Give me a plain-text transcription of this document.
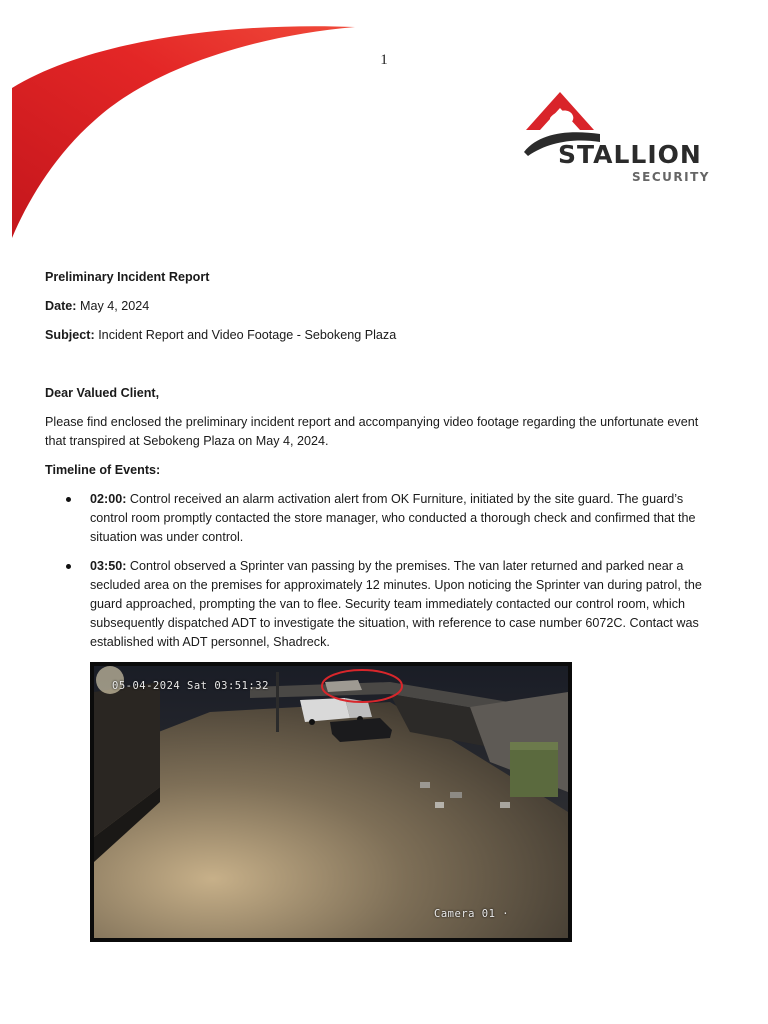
1
STALLION
SECURITY

Preliminary Incident Report

Date: May 4, 2024

Subject: Incident Report and Video Footage - Sebokeng Plaza

Dear Valued Client,

Please find enclosed the preliminary incident report and accompanying video footage regarding the unfortunate event
that transpired at Sebokeng Plaza on May 4, 2024.

Timeline of Events:

02:00: Control received an alarm activation alert from OK Furniture, initiated by the site guard. The guard’s
control room promptly contacted the store manager, who conducted a thorough check and confirmed that the
situation was under control.
03:50: Control observed a Sprinter van passing by the premises. The van later returned and parked near a
secluded area on the premises for approximately 12 minutes. Upon noticing the Sprinter van during patrol, the
guard approached, prompting the van to flee. Security team immediately contacted our control room, which
subsequently dispatched ADT to investigate the situation, with reference to case number 6072C. Contact was
established with ADT personnel, Shadreck.
05-04-2024 Sat 03:51:32
Camera 01 ·
